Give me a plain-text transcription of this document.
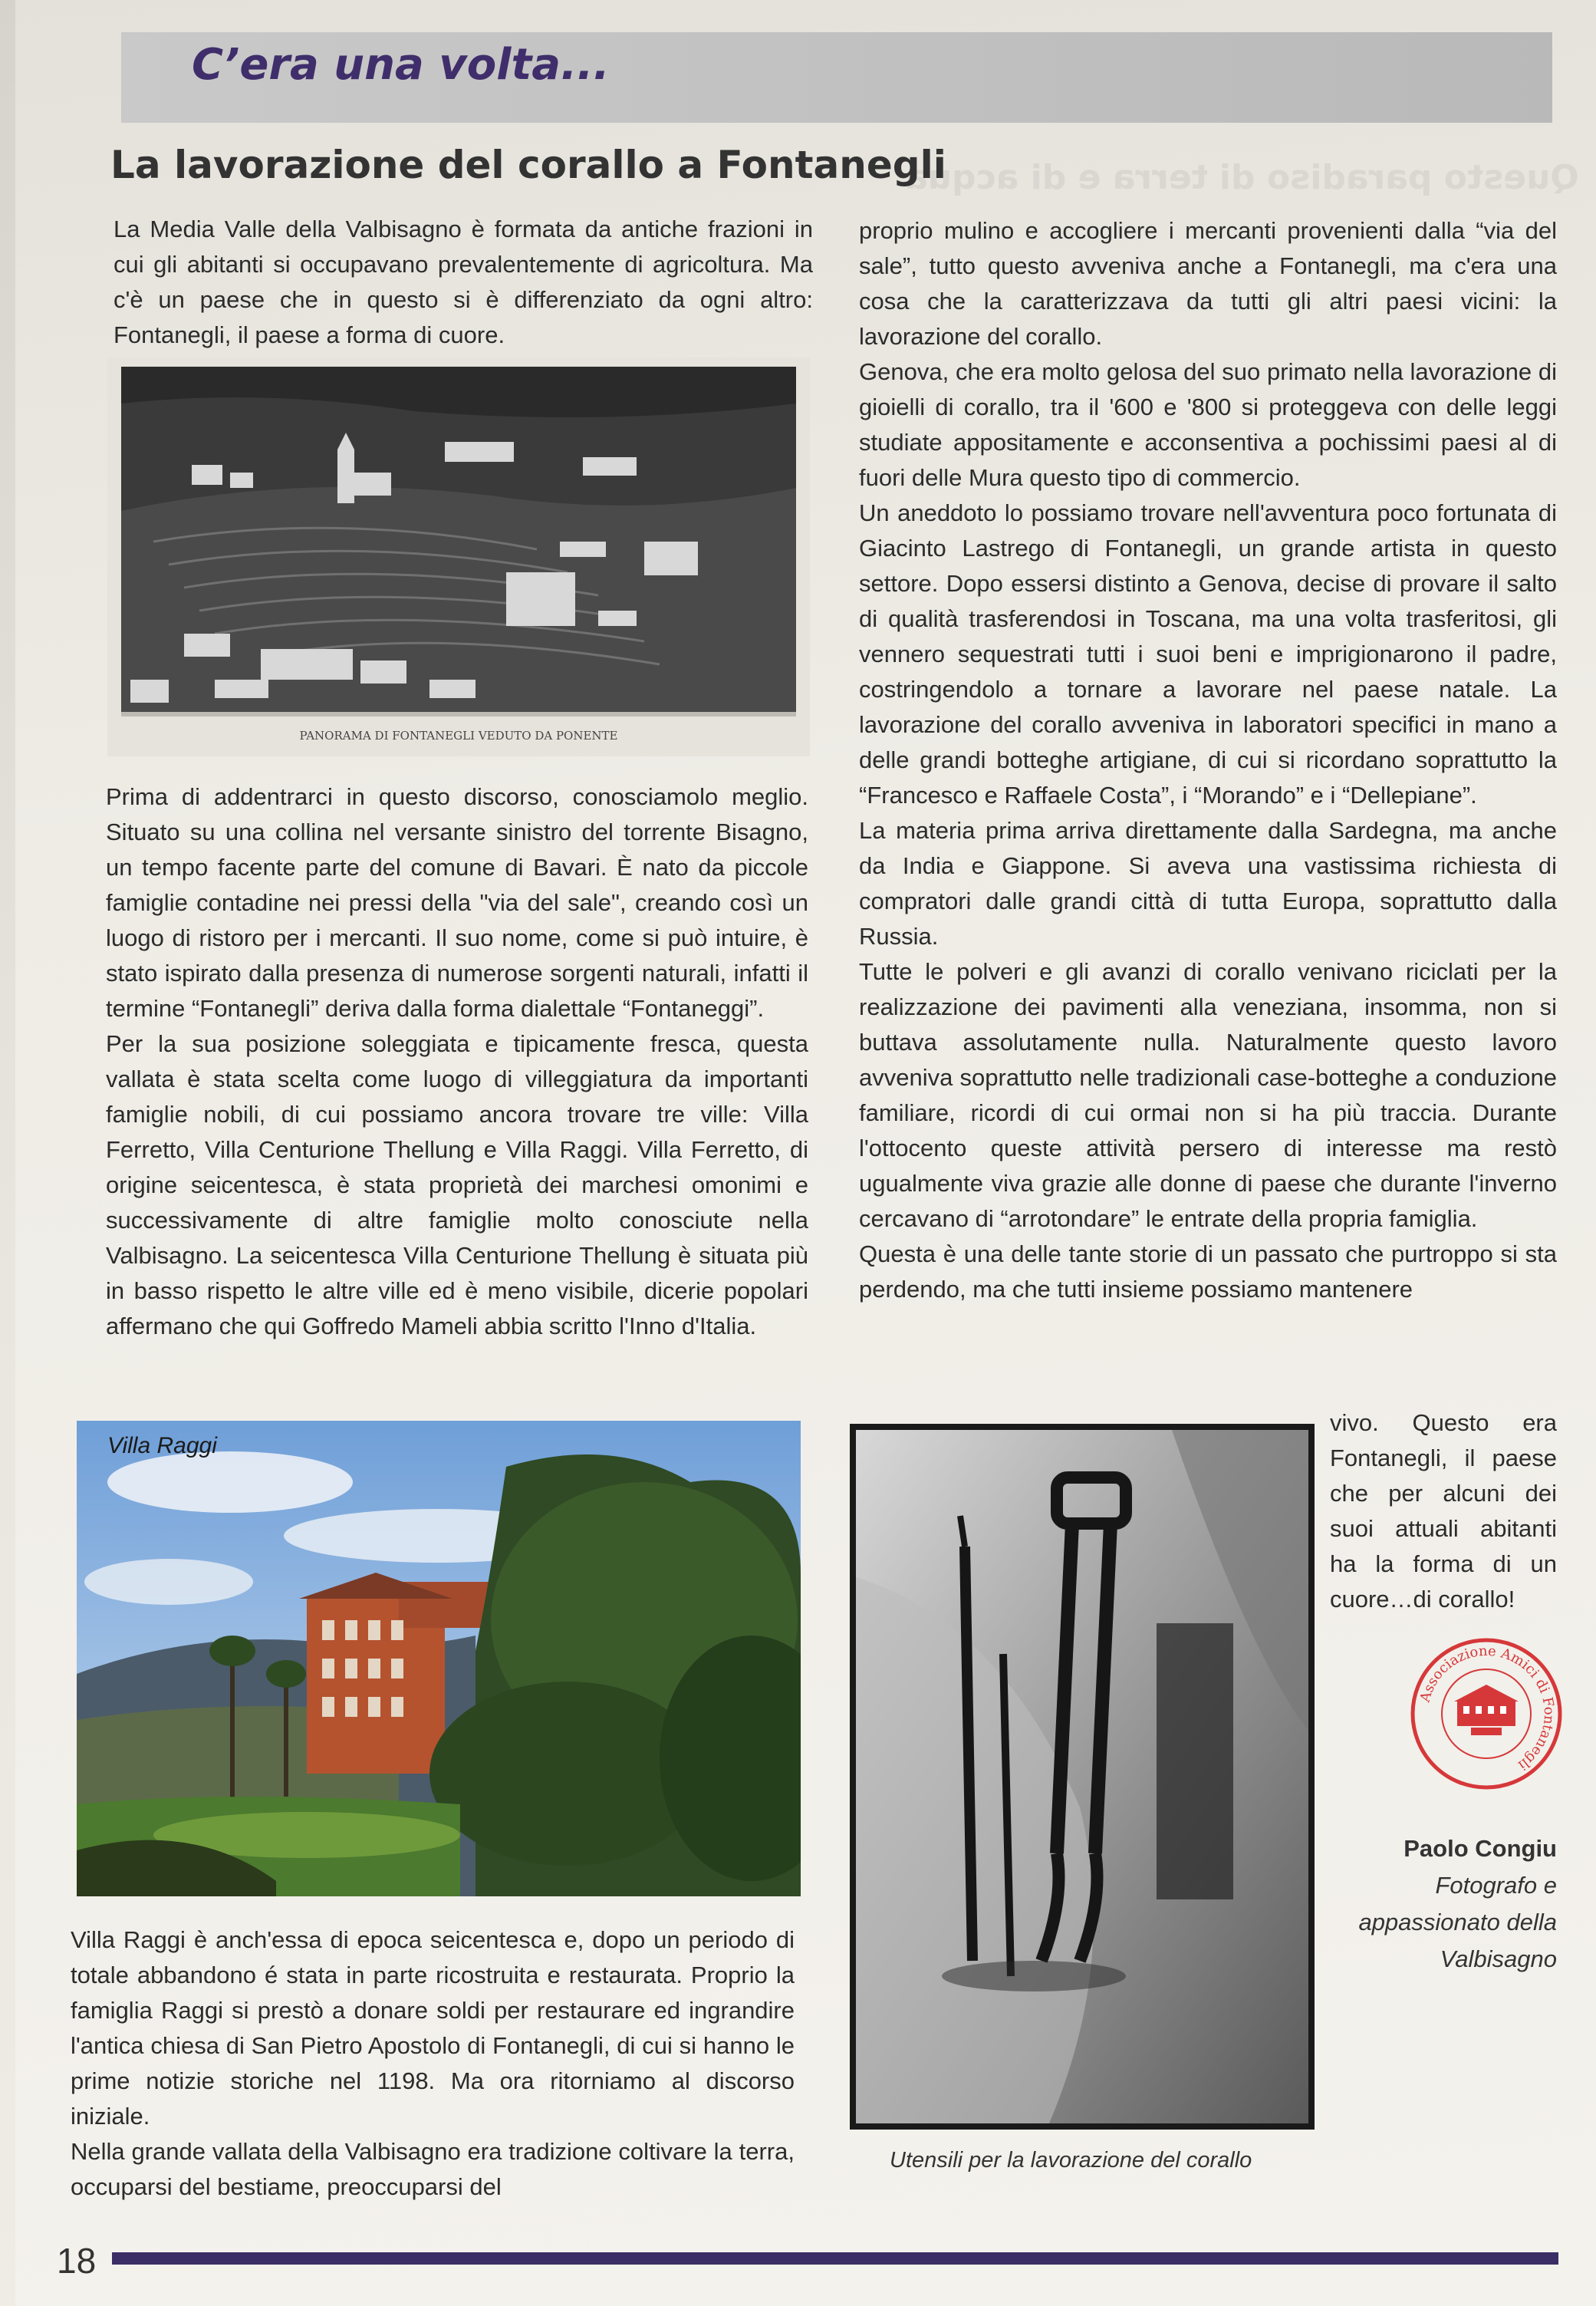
C’era una volta...
Questo paradiso di terra e di acqua
La lavorazione del corallo a Fontanegli

La Media Valle della Valbisagno è formata da antiche frazioni in cui gli abitanti si occupavano prevalentemente di agricoltura. Ma c'è un paese che in questo si è differenziato da ogni altro: Fontanegli, il paese a forma di cuore.

PANORAMA DI FONTANEGLI VEDUTO DA PONENTE

Prima di addentrarci in questo discorso, conosciamolo meglio. Situato su una collina nel versante sinistro del torrente Bisagno, un tempo facente parte del comune di Bavari. È nato da piccole famiglie contadine nei pressi della "via del sale", creando così un luogo di ristoro per i mercanti. Il suo nome, come si può intuire, è stato ispirato dalla presenza di numerose sorgenti naturali, infatti il termine “Fontanegli” deriva dalla forma dialettale “Fontaneggi”.

Per la sua posizione soleggiata e tipicamente fresca, questa vallata è stata scelta come luogo di villeggiatura da importanti famiglie nobili, di cui possiamo ancora trovare tre ville: Villa Ferretto, Villa Centurione Thellung e Villa Raggi. Villa Ferretto, di origine seicentesca, è stata proprietà dei marchesi omonimi e successivamente di altre famiglie molto conosciute nella Valbisagno. La seicentesca Villa Centurione Thellung è situata più in basso rispetto le altre ville ed è meno visibile, dicerie popolari affermano che qui Goffredo Mameli abbia scritto l'Inno d'Italia.

Villa Raggi

Villa Raggi è anch'essa di epoca seicentesca e, dopo un periodo di totale abbandono é stata in parte ricostruita e restaurata. Proprio la famiglia Raggi si prestò a donare soldi per restaurare ed ingrandire l'antica chiesa di San Pietro Apostolo di Fontanegli, di cui si hanno le prime notizie storiche nel 1198. Ma ora ritorniamo al discorso iniziale.

Nella grande vallata della Valbisagno era tradizione coltivare la terra, occuparsi del bestiame, preoccuparsi del

proprio mulino e accogliere i mercanti provenienti dalla “via del sale”, tutto questo avveniva anche a Fontanegli, ma c'era una cosa che la caratterizzava da tutti gli altri paesi vicini: la lavorazione del corallo.

Genova, che era molto gelosa del suo primato nella lavorazione di gioielli di corallo, tra il '600 e '800 si proteggeva con delle leggi studiate appositamente e acconsentiva a pochissimi paesi al di fuori delle Mura questo tipo di commercio.

Un aneddoto lo possiamo trovare nell'avventura poco fortunata di Giacinto Lastrego di Fontanegli, un grande artista in questo settore. Dopo essersi distinto a Genova, decise di provare il salto di qualità trasferendosi in Toscana, ma una volta trasferitosi, gli vennero sequestrati tutti i suoi beni e imprigionarono il padre, costringendolo a tornare a lavorare nel paese natale. La lavorazione del corallo avveniva in laboratori specifici in mano a delle grandi botteghe artigiane, di cui si ricordano soprattutto la “Francesco e Raffaele Costa”, i “Morando” e i “Dellepiane”.

La materia prima arriva direttamente dalla Sardegna, ma anche da India e Giappone. Si aveva una vastissima richiesta di compratori dalle grandi città di tutta Europa, soprattutto dalla Russia.

Tutte le polveri e gli avanzi di corallo venivano riciclati per la realizzazione dei pavimenti alla veneziana, insomma, non si buttava assolutamente nulla. Naturalmente questo lavoro avveniva soprattutto nelle tradizionali case-botteghe a conduzione familiare, ricordi di cui ormai non si ha più traccia. Durante l'ottocento queste attività persero di interesse ma restò ugualmente viva grazie alle donne di paese che durante l'inverno cercavano di “arrotondare” le entrate della propria famiglia.

Questa è una delle tante storie di un passato che purtroppo si sta perdendo, ma che tutti insieme possiamo mantenere

Utensili per la lavorazione del corallo

vivo. Questo era Fontanegli, il paese che per alcuni dei suoi attuali abitanti ha la forma di un cuore…di corallo!

Associazione Amici di Fontanegli
Paolo Congiu
Fotografo e
appassionato della
Valbisagno
18
